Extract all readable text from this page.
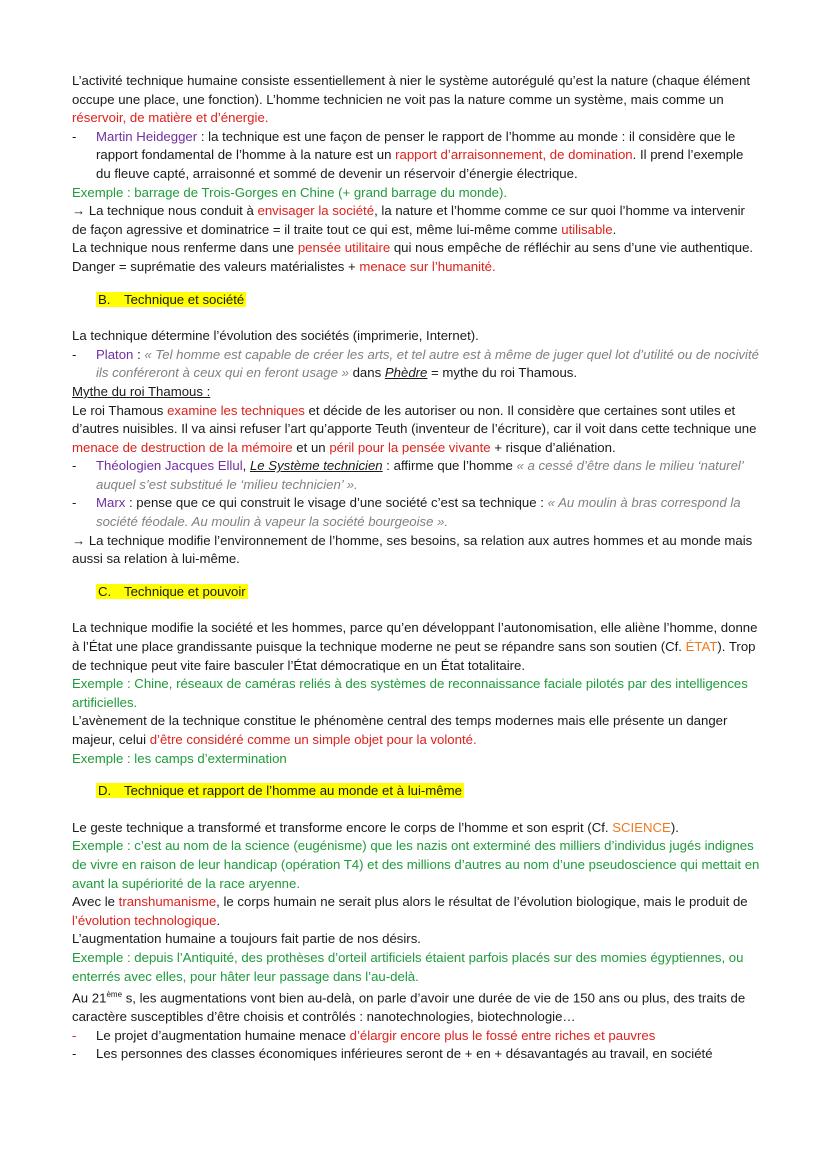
L’activité technique humaine consiste essentiellement à nier le système autorégulé qu’est la nature (chaque élément occupe une place, une fonction). L’homme technicien ne voit pas la nature comme un système, mais comme un réservoir, de matière et d’énergie.

- Martin Heidegger : la technique est une façon de penser le rapport de l’homme au monde : il considère que le rapport fondamental de l’homme à la nature est un rapport d’arraisonnement, de domination. Il prend l’exemple du fleuve capté, arraisonné et sommé de devenir un réservoir d’énergie électrique.

Exemple : barrage de Trois-Gorges en Chine (+ grand barrage du monde).

→ La technique nous conduit à envisager la société, la nature et l’homme comme ce sur quoi l’homme va intervenir de façon agressive et dominatrice = il traite tout ce qui est, même lui-même comme utilisable.

La technique nous renferme dans une pensée utilitaire qui nous empêche de réfléchir au sens d’une vie authentique. Danger = suprématie des valeurs matérialistes + menace sur l’humanité.

B. Technique et société

La technique détermine l’évolution des sociétés (imprimerie, Internet).

- Platon : « Tel homme est capable de créer les arts, et tel autre est à même de juger quel lot d’utilité ou de nocivité ils conféreront à ceux qui en feront usage » dans Phèdre = mythe du roi Thamous.

Mythe du roi Thamous :

Le roi Thamous examine les techniques et décide de les autoriser ou non. Il considère que certaines sont utiles et d’autres nuisibles. Il va ainsi refuser l’art qu’apporte Teuth (inventeur de l’écriture), car il voit dans cette technique une menace de destruction de la mémoire et un péril pour la pensée vivante + risque d’aliénation.

- Théologien Jacques Ellul, Le Système technicien : affirme que l’homme « a cessé d’être dans le milieu ‘naturel’ auquel s’est substitué le ‘milieu technicien’ ».

- Marx : pense que ce qui construit le visage d’une société c’est sa technique : « Au moulin à bras correspond la société féodale. Au moulin à vapeur la société bourgeoise ».

→ La technique modifie l’environnement de l’homme, ses besoins, sa relation aux autres hommes et au monde mais aussi sa relation à lui-même.

C. Technique et pouvoir

La technique modifie la société et les hommes, parce qu’en développant l’autonomisation, elle aliène l’homme, donne à l’État une place grandissante puisque la technique moderne ne peut se répandre sans son soutien (Cf. ÉTAT). Trop de technique peut vite faire basculer l’État démocratique en un État totalitaire.

Exemple : Chine, réseaux de caméras reliés à des systèmes de reconnaissance faciale pilotés par des intelligences artificielles.

L’avènement de la technique constitue le phénomène central des temps modernes mais elle présente un danger majeur, celui d’être considéré comme un simple objet pour la volonté.

Exemple : les camps d’extermination

D. Technique et rapport de l’homme au monde et à lui-même

Le geste technique a transformé et transforme encore le corps de l’homme et son esprit (Cf. SCIENCE).

Exemple : c’est au nom de la science (eugénisme) que les nazis ont exterminé des milliers d’individus jugés indignes de vivre en raison de leur handicap (opération T4) et des millions d’autres au nom d’une pseudoscience qui mettait en avant la supériorité de la race aryenne.

Avec le transhumanisme, le corps humain ne serait plus alors le résultat de l’évolution biologique, mais le produit de l’évolution technologique.

L’augmentation humaine a toujours fait partie de nos désirs.

Exemple : depuis l’Antiquité, des prothèses d’orteil artificiels étaient parfois placés sur des momies égyptiennes, ou enterrés avec elles, pour hâter leur passage dans l’au-delà.

Au 21ème s, les augmentations vont bien au-delà, on parle d’avoir une durée de vie de 150 ans ou plus, des traits de caractère susceptibles d’être choisis et contrôlés : nanotechnologies, biotechnologie…

- Le projet d’augmentation humaine menace d’élargir encore plus le fossé entre riches et pauvres

- Les personnes des classes économiques inférieures seront de + en + désavantagés au travail, en société
